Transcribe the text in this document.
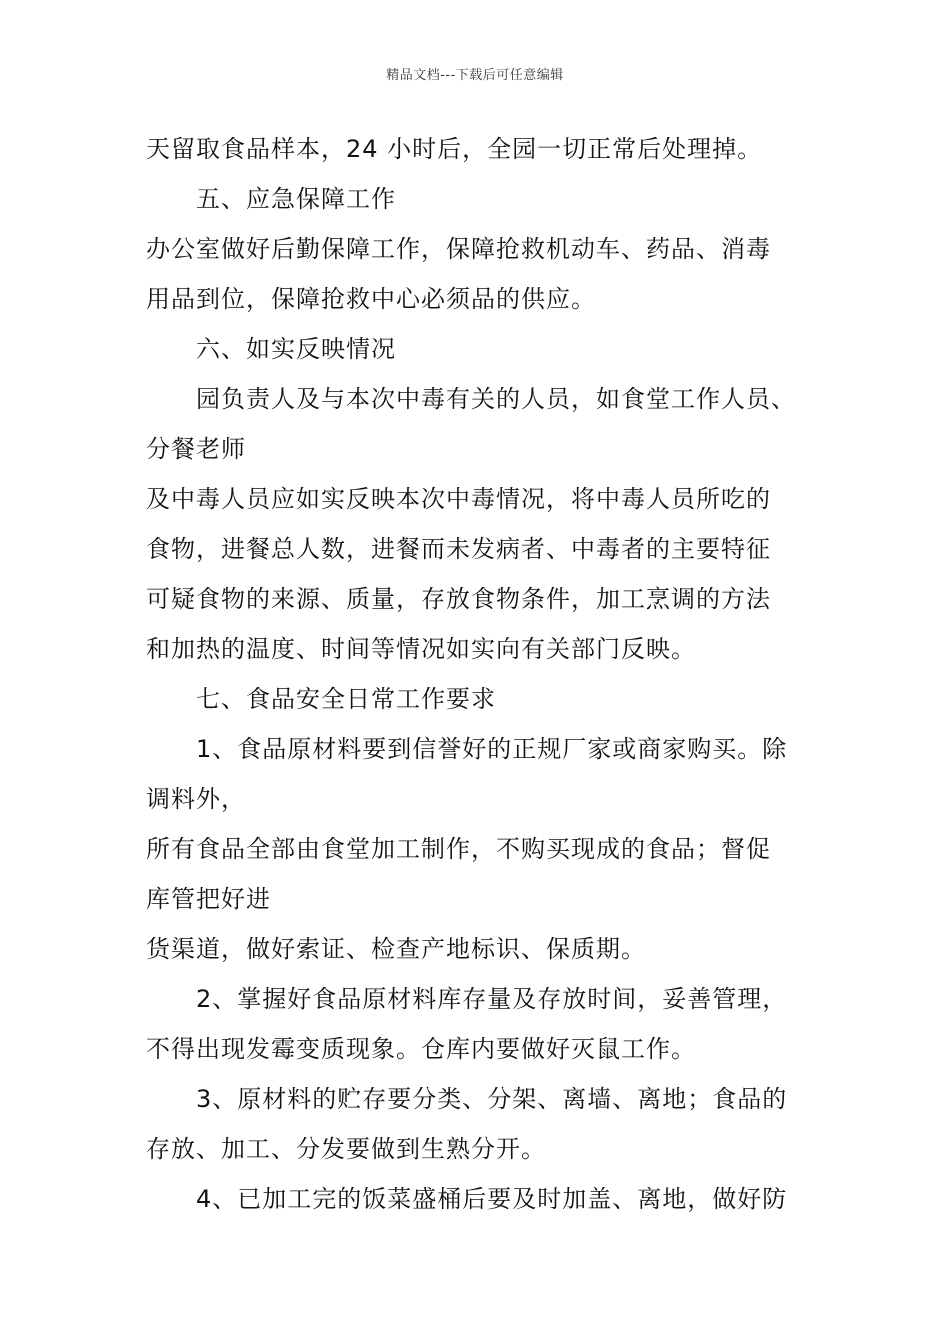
精品文档---下载后可任意编辑
天留取食品样本，24 小时后，全园一切正常后处理掉。
五、应急保障工作
办公室做好后勤保障工作，保障抢救机动车、药品、消毒
用品到位，保障抢救中心必须品的供应。
六、如实反映情况
园负责人及与本次中毒有关的人员，如食堂工作人员、
分餐老师
及中毒人员应如实反映本次中毒情况，将中毒人员所吃的
食物，进餐总人数，进餐而未发病者、中毒者的主要特征
可疑食物的来源、质量，存放食物条件，加工烹调的方法
和加热的温度、时间等情况如实向有关部门反映。
七、食品安全日常工作要求
1、食品原材料要到信誉好的正规厂家或商家购买。除
调料外，
所有食品全部由食堂加工制作，不购买现成的食品；督促
库管把好进
货渠道，做好索证、检查产地标识、保质期。
2、掌握好食品原材料库存量及存放时间，妥善管理，
不得出现发霉变质现象。仓库内要做好灭鼠工作。
3、原材料的贮存要分类、分架、离墙、离地；食品的
存放、加工、分发要做到生熟分开。
4、已加工完的饭菜盛桶后要及时加盖、离地，做好防
